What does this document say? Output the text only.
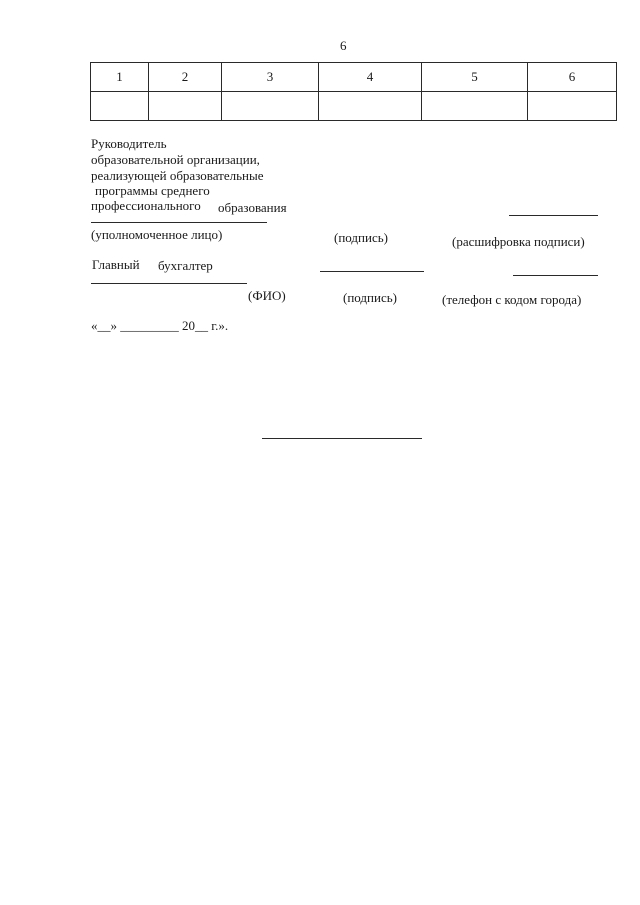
6
1	2	3	4	5	6

Руководитель
образовательной организации,
реализующей образовательные
программы среднего
профессионального образования
(уполномоченное лицо)	(подпись)	(расшифровка подписи)
Главный бухгалтер
(ФИО)	(подпись)	(телефон с кодом города)
«__» _________ 20__ г.».
